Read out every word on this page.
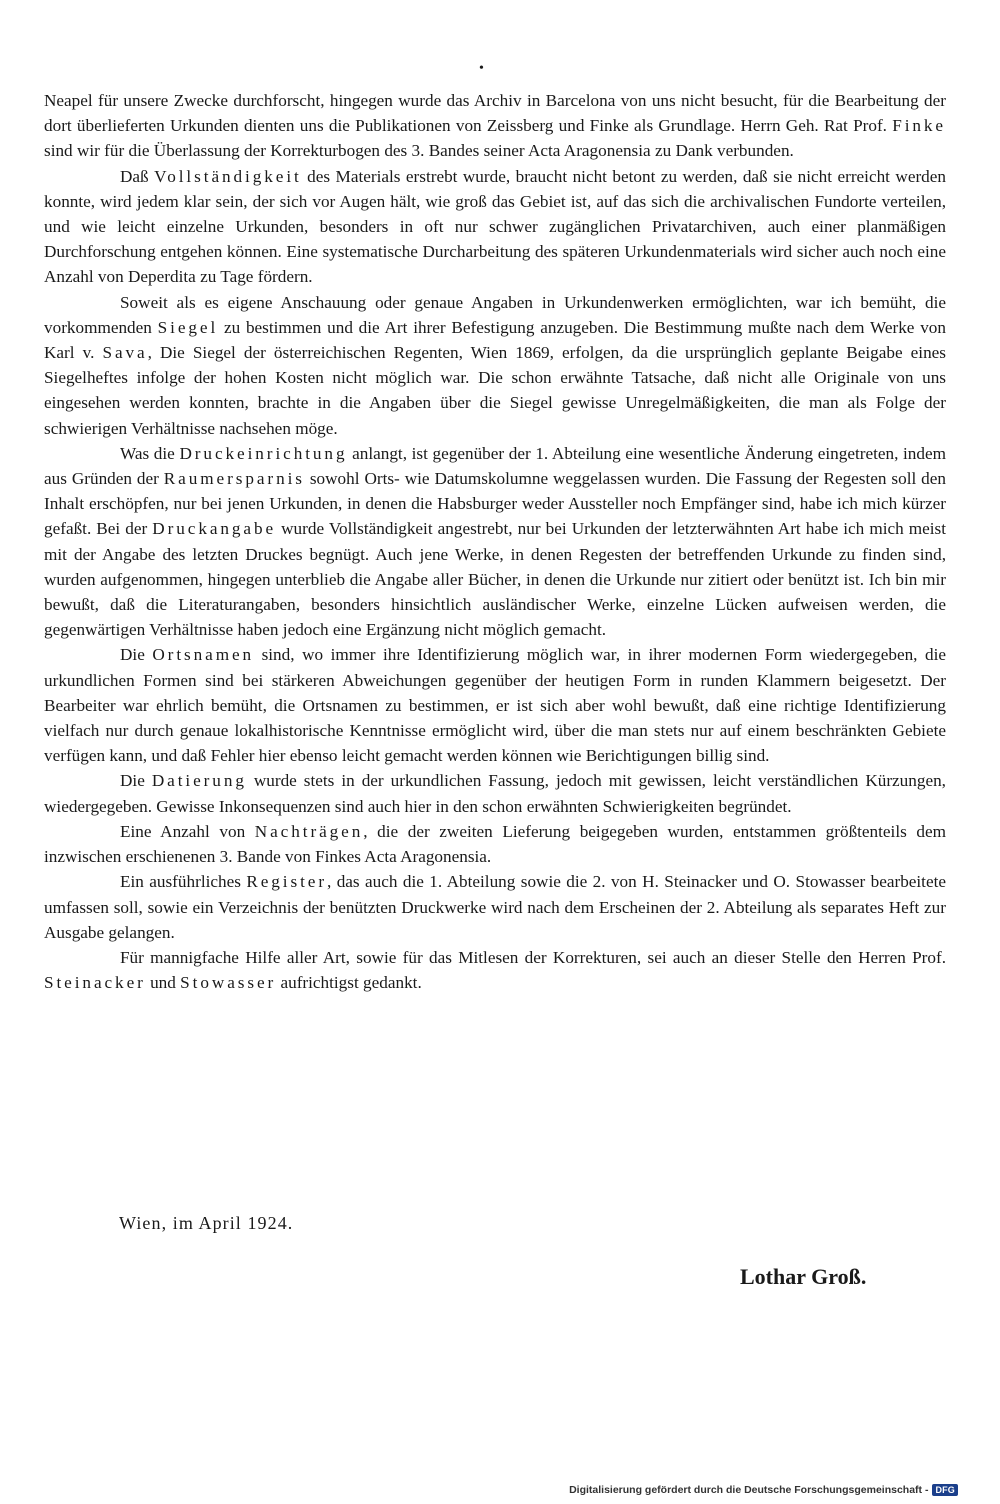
•

Neapel für unsere Zwecke durchforscht, hingegen wurde das Archiv in Barcelona von uns nicht besucht, für die Bearbeitung der dort überlieferten Urkunden dienten uns die Publikationen von Zeissberg und Finke als Grundlage. Herrn Geh. Rat Prof. Finke sind wir für die Überlassung der Korrekturbogen des 3. Bandes seiner Acta Aragonensia zu Dank verbunden.

Daß Vollständigkeit des Materials erstrebt wurde, braucht nicht betont zu werden, daß sie nicht erreicht werden konnte, wird jedem klar sein, der sich vor Augen hält, wie groß das Gebiet ist, auf das sich die archivalischen Fundorte verteilen, und wie leicht einzelne Urkunden, besonders in oft nur schwer zugänglichen Privatarchiven, auch einer planmäßigen Durchforschung entgehen können. Eine systematische Durcharbeitung des späteren Urkundenmaterials wird sicher auch noch eine Anzahl von Deperdita zu Tage fördern.

Soweit als es eigene Anschauung oder genaue Angaben in Urkundenwerken ermöglichten, war ich bemüht, die vorkommenden Siegel zu bestimmen und die Art ihrer Befestigung anzugeben. Die Bestimmung mußte nach dem Werke von Karl v. Sava, Die Siegel der österreichischen Regenten, Wien 1869, erfolgen, da die ursprünglich geplante Beigabe eines Siegelheftes infolge der hohen Kosten nicht möglich war. Die schon erwähnte Tatsache, daß nicht alle Originale von uns eingesehen werden konnten, brachte in die Angaben über die Siegel gewisse Unregelmäßigkeiten, die man als Folge der schwierigen Verhältnisse nachsehen möge.

Was die Druckeinrichtung anlangt, ist gegenüber der 1. Abteilung eine wesentliche Änderung eingetreten, indem aus Gründen der Raumersparnis sowohl Orts- wie Datumskolumne weggelassen wurden. Die Fassung der Regesten soll den Inhalt erschöpfen, nur bei jenen Urkunden, in denen die Habsburger weder Aussteller noch Empfänger sind, habe ich mich kürzer gefaßt. Bei der Druckangabe wurde Vollständigkeit angestrebt, nur bei Urkunden der letzterwähnten Art habe ich mich meist mit der Angabe des letzten Druckes begnügt. Auch jene Werke, in denen Regesten der betreffenden Urkunde zu finden sind, wurden aufgenommen, hingegen unterblieb die Angabe aller Bücher, in denen die Urkunde nur zitiert oder benützt ist. Ich bin mir bewußt, daß die Literaturangaben, besonders hinsichtlich ausländischer Werke, einzelne Lücken aufweisen werden, die gegenwärtigen Verhältnisse haben jedoch eine Ergänzung nicht möglich gemacht.

Die Ortsnamen sind, wo immer ihre Identifizierung möglich war, in ihrer modernen Form wiedergegeben, die urkundlichen Formen sind bei stärkeren Abweichungen gegenüber der heutigen Form in runden Klammern beigesetzt. Der Bearbeiter war ehrlich bemüht, die Ortsnamen zu bestimmen, er ist sich aber wohl bewußt, daß eine richtige Identifizierung vielfach nur durch genaue lokalhistorische Kenntnisse ermöglicht wird, über die man stets nur auf einem beschränkten Gebiete verfügen kann, und daß Fehler hier ebenso leicht gemacht werden können wie Berichtigungen billig sind.

Die Datierung wurde stets in der urkundlichen Fassung, jedoch mit gewissen, leicht verständlichen Kürzungen, wiedergegeben. Gewisse Inkonsequenzen sind auch hier in den schon erwähnten Schwierigkeiten begründet.

Eine Anzahl von Nachträgen, die der zweiten Lieferung beigegeben wurden, entstammen größtenteils dem inzwischen erschienenen 3. Bande von Finkes Acta Aragonensia.

Ein ausführliches Register, das auch die 1. Abteilung sowie die 2. von H. Steinacker und O. Stowasser bearbeitete umfassen soll, sowie ein Verzeichnis der benützten Druckwerke wird nach dem Erscheinen der 2. Abteilung als separates Heft zur Ausgabe gelangen.

Für mannigfache Hilfe aller Art, sowie für das Mitlesen der Korrekturen, sei auch an dieser Stelle den Herren Prof. Steinacker und Stowasser aufrichtigst gedankt.

Wien, im April 1924.

Lothar Groß.

Digitalisierung gefördert durch die Deutsche Forschungsgemeinschaft - DFG
